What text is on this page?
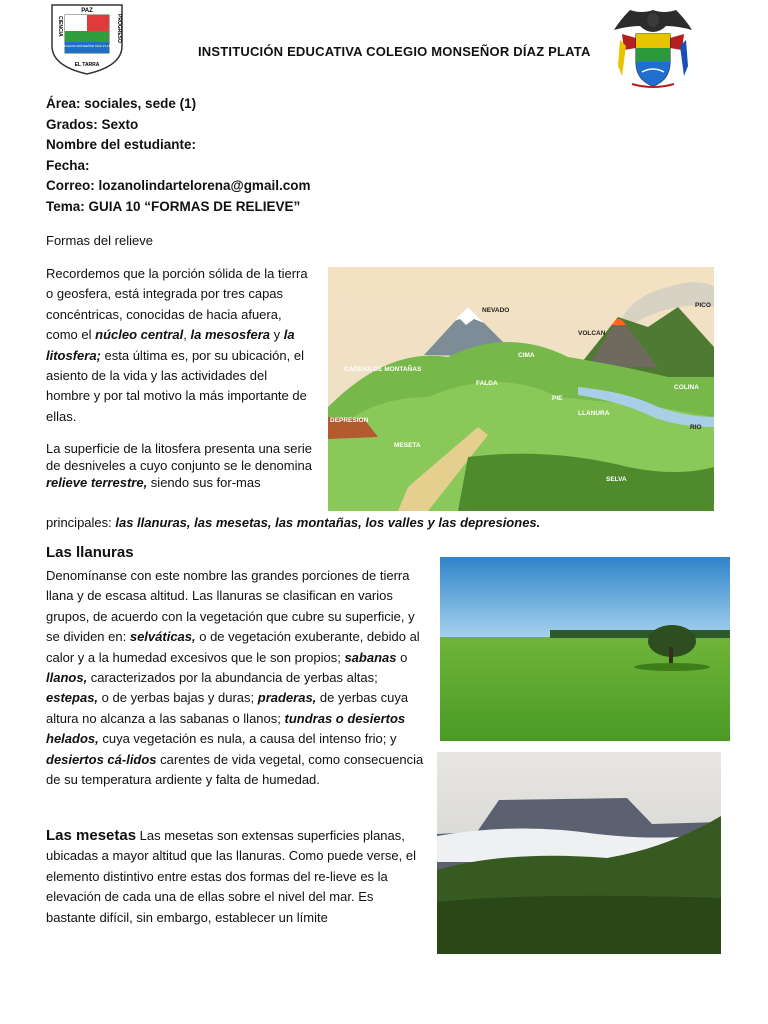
PAZ
EL TARRA
COLEGIO MONSEÑOR DÍAZ PLATA
CIENCIA	PROGRESO
INSTITUCIÓN EDUCATIVA COLEGIO MONSEÑOR DÍAZ PLATA
Área: sociales, sede (1)
Grados: Sexto
Nombre del estudiante:
Fecha:
Correo: lozanolindartelorena@gmail.com
Tema: GUIA 10 “FORMAS DE RELIEVE”
Formas del relieve
Recordemos que la porción sólida de la tierra o geosfera, está integrada por tres capas concéntricas, conocidas de hacia afuera, como el núcleo central, la mesosfera y la litosfera; esta última es, por su ubicación, el asiento de la vida y las actividades del hombre y por tal motivo la más importante de ellas.
NEVADO
PICO
VOLCAN
CIMA
CADENA DE MONTAÑAS
FALDA
COLINA
PIE
LLANURA
RIO
DEPRESION
MESETA
SELVA
La superficie de la litosfera presenta una serie de desniveles a cuyo conjunto se le denomina relieve terrestre, siendo sus for-mas
principales: las llanuras, las mesetas, las montañas, los valles y las depresiones.
Las llanuras
Denomínanse con este nombre las grandes porciones de tierra llana y de escasa altitud. Las llanuras se clasifican en varios grupos, de acuerdo con la vegetación que cubre su superficie, y se dividen en: selváticas, o de vegetación exuberante, debido al calor y a la humedad excesivos que le son propios; sabanas o llanos, caracterizados por la abundancia de yerbas altas; estepas, o de yerbas bajas y duras; praderas, de yerbas cuya altura no alcanza a las sabanas o llanos; tundras o desiertos helados, cuya vegetación es nula, a causa del intenso frio; y desiertos cá-lidos carentes de vida vegetal, como consecuencia de su temperatura ardiente y falta de humedad.
Las mesetas Las mesetas son extensas superficies planas, ubicadas a mayor altitud que las llanuras. Como puede verse, el elemento distintivo entre estas dos formas del re-lieve es la elevación de cada una de ellas sobre el nivel del mar. Es bastante difícil, sin embargo, establecer un límite
